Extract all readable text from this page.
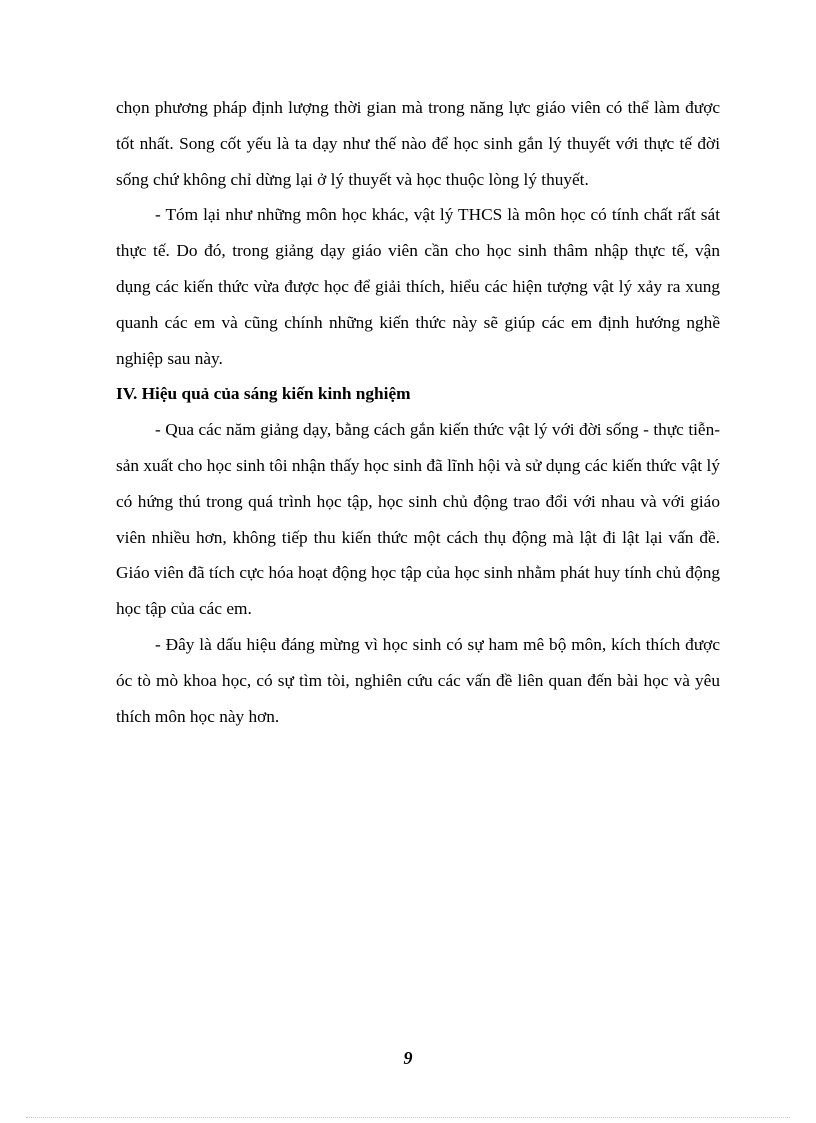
chọn phương pháp định lượng thời gian mà trong năng lực giáo viên có thể làm được tốt nhất. Song cốt yếu là ta dạy như thế nào để học sinh gắn lý thuyết với thực tế đời sống chứ không chỉ dừng lại ở lý thuyết và học thuộc lòng lý thuyết.

- Tóm lại như những môn học khác, vật lý THCS là môn học có tính chất rất sát thực tế. Do đó, trong giảng dạy giáo viên cần cho học sinh thâm nhập thực tế, vận dụng các kiến thức vừa được học để giải thích, hiểu các hiện tượng vật lý xảy ra xung quanh các em và cũng chính những kiến thức này sẽ giúp các em định hướng nghề nghiệp sau này.

IV. Hiệu quả của sáng kiến kinh nghiệm

- Qua các năm giảng dạy, bằng cách gắn kiến thức vật lý với đời sống - thực tiễn-sản xuất cho học sinh tôi nhận thấy học sinh đã lĩnh hội và sử dụng các kiến thức vật lý có hứng thú trong quá trình học tập, học sinh chủ động trao đổi với nhau và với giáo viên nhiều hơn, không tiếp thu kiến thức một cách thụ động mà lật đi lật lại vấn đề. Giáo viên đã tích cực hóa hoạt động học tập của học sinh nhằm phát huy tính chủ động học tập của các em.

- Đây là dấu hiệu đáng mừng vì học sinh có sự ham mê bộ môn, kích thích được óc tò mò khoa học, có sự tìm tòi, nghiên cứu các vấn đề liên quan đến bài học và yêu thích môn học này hơn.

9
